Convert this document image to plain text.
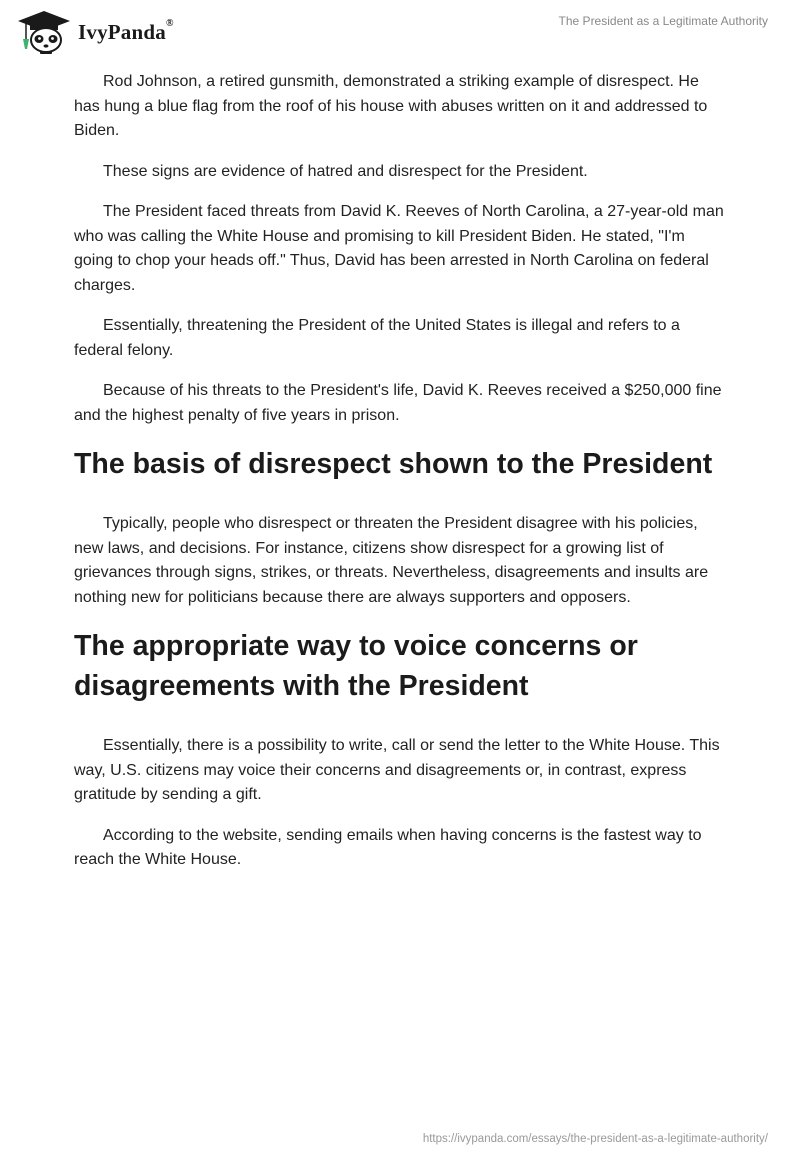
IvyPanda®	The President as a Legitimate Authority

Rod Johnson, a retired gunsmith, demonstrated a striking example of disrespect. He has hung a blue flag from the roof of his house with abuses written on it and addressed to Biden.

These signs are evidence of hatred and disrespect for the President.

The President faced threats from David K. Reeves of North Carolina, a 27-year-old man who was calling the White House and promising to kill President Biden. He stated, "I'm going to chop your heads off." Thus, David has been arrested in North Carolina on federal charges.

Essentially, threatening the President of the United States is illegal and refers to a federal felony.

Because of his threats to the President's life, David K. Reeves received a $250,000 fine and the highest penalty of five years in prison.

The basis of disrespect shown to the President

Typically, people who disrespect or threaten the President disagree with his policies, new laws, and decisions. For instance, citizens show disrespect for a growing list of grievances through signs, strikes, or threats. Nevertheless, disagreements and insults are nothing new for politicians because there are always supporters and opposers.

The appropriate way to voice concerns or disagreements with the President

Essentially, there is a possibility to write, call or send the letter to the White House. This way, U.S. citizens may voice their concerns and disagreements or, in contrast, express gratitude by sending a gift.

According to the website, sending emails when having concerns is the fastest way to reach the White House.

https://ivypanda.com/essays/the-president-as-a-legitimate-authority/
